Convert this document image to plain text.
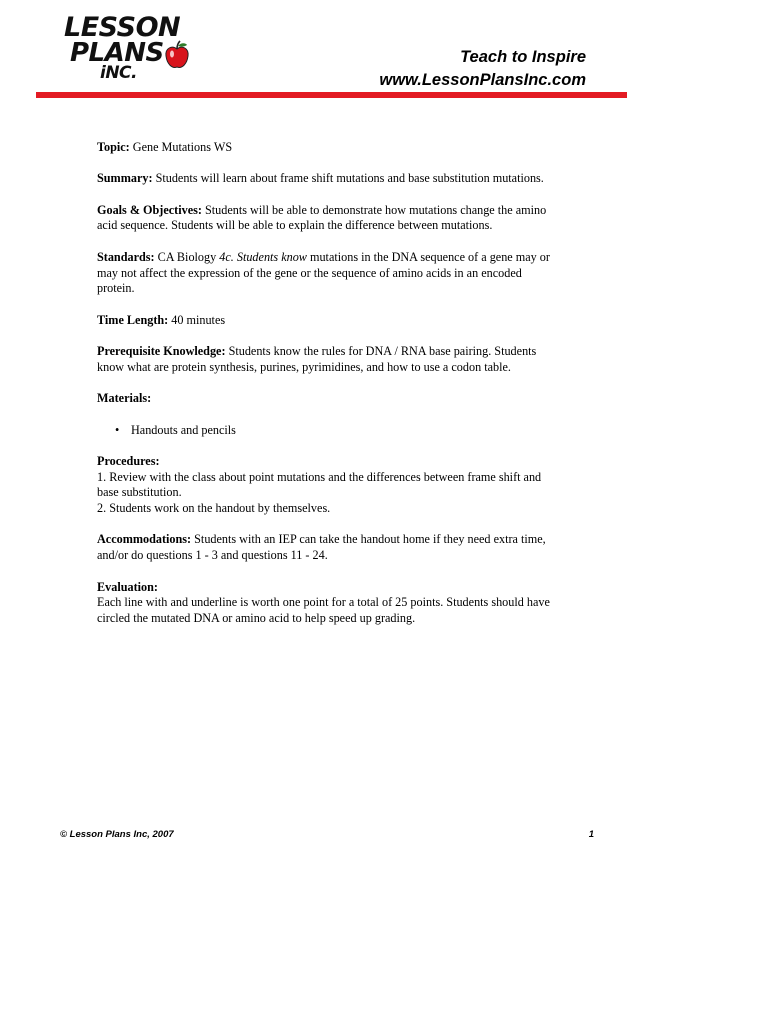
LESSON
PLANS
iNC.
Teach to Inspire
www.LessonPlansInc.com

Topic: Gene Mutations WS

Summary: Students will learn about frame shift mutations and base substitution mutations.

Goals & Objectives: Students will be able to demonstrate how mutations change the amino acid sequence. Students will be able to explain the difference between mutations.

Standards: CA Biology 4c. Students know mutations in the DNA sequence of a gene may or may not affect the expression of the gene or the sequence of amino acids in an encoded protein.

Time Length: 40 minutes

Prerequisite Knowledge: Students know the rules for DNA / RNA base pairing. Students know what are protein synthesis, purines, pyrimidines, and how to use a codon table.

Materials:

• Handouts and pencils

Procedures:
1. Review with the class about point mutations and the differences between frame shift and base substitution.
2. Students work on the handout by themselves.

Accommodations: Students with an IEP can take the handout home if they need extra time, and/or do questions 1 - 3 and questions 11 - 24.

Evaluation:
Each line with and underline is worth one point for a total of 25 points. Students should have circled the mutated DNA or amino acid to help speed up grading.

© Lesson Plans Inc, 2007	1
